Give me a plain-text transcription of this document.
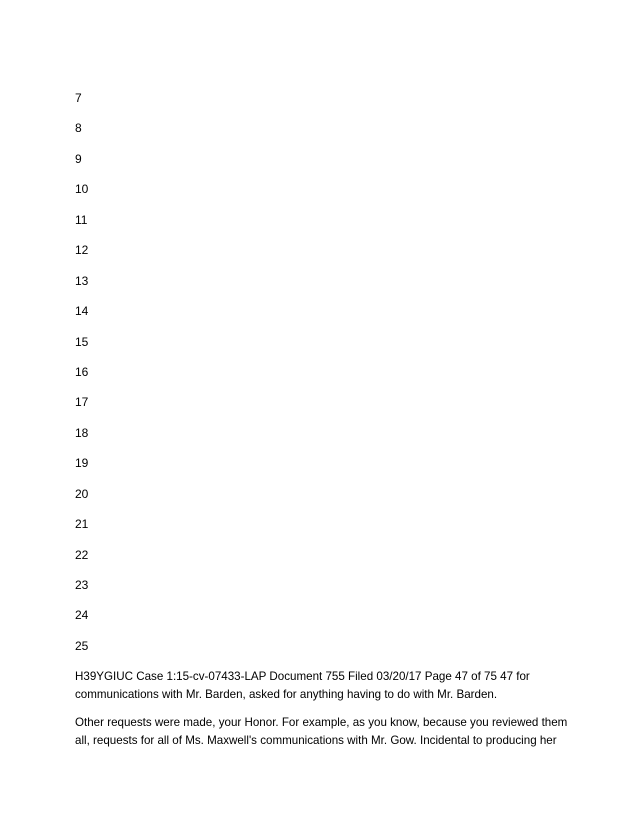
7
8
9
10
11
12
13
14
15
16
17
18
19
20
21
22
23
24
25

H39YGIUC Case 1:15-cv-07433-LAP Document 755 Filed 03/20/17 Page 47 of 75 47 for communications with Mr. Barden, asked for anything having to do with Mr. Barden.

Other requests were made, your Honor. For example, as you know, because you reviewed them all, requests for all of Ms. Maxwell's communications with Mr. Gow. Incidental to producing her
